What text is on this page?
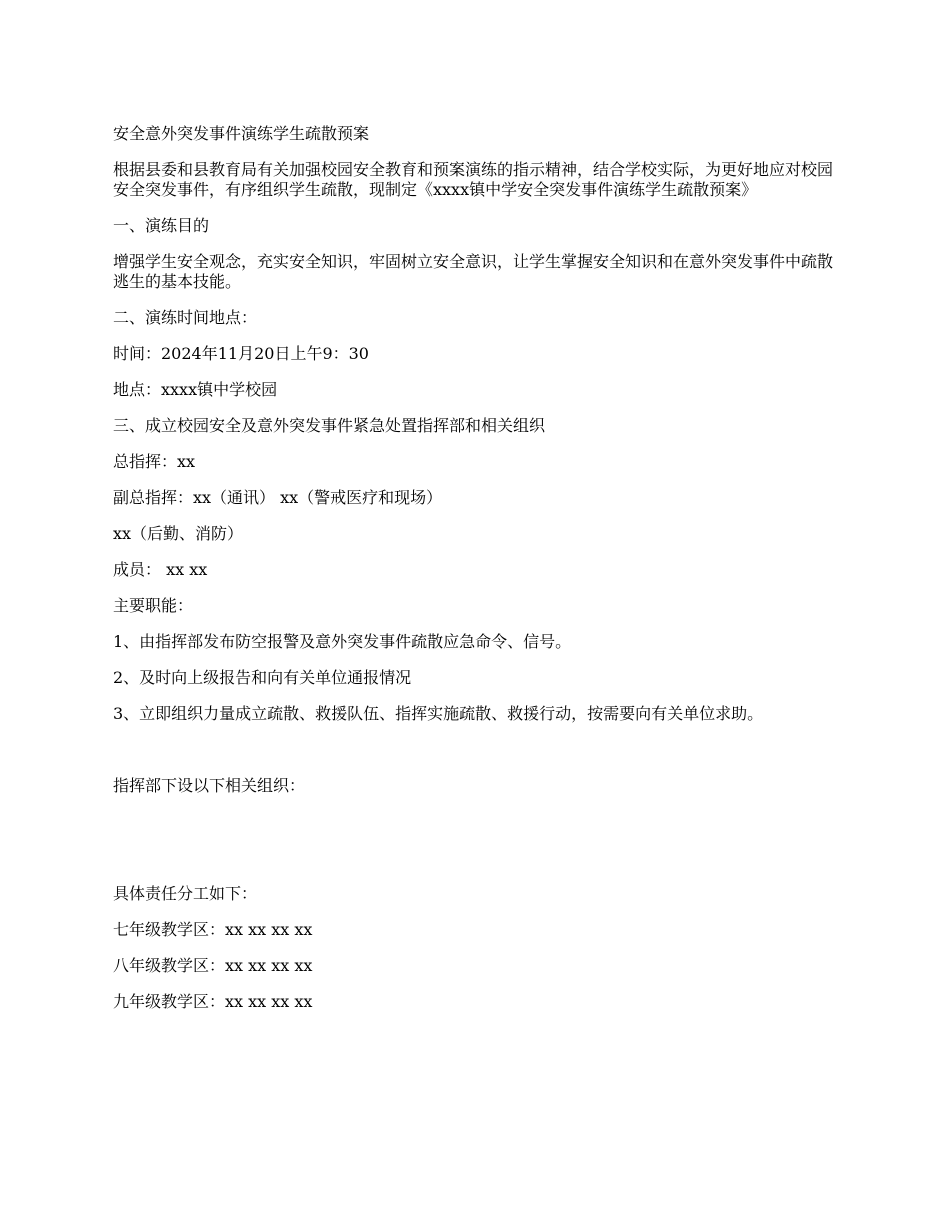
安全意外突发事件演练学生疏散预案

根据县委和县教育局有关加强校园安全教育和预案演练的指示精神，结合学校实际，为更好地应对校园安全突发事件，有序组织学生疏散，现制定《xxxx镇中学安全突发事件演练学生疏散预案》

一、演练目的

增强学生安全观念，充实安全知识，牢固树立安全意识，让学生掌握安全知识和在意外突发事件中疏散逃生的基本技能。

二、演练时间地点：

时间：2024年11月20日上午9：30

地点：xxxx镇中学校园

三、成立校园安全及意外突发事件紧急处置指挥部和相关组织

总指挥：xx

副总指挥：xx（通讯） xx（警戒医疗和现场）

xx（后勤、消防）

成员： xx xx

主要职能：

1、由指挥部发布防空报警及意外突发事件疏散应急命令、信号。

2、及时向上级报告和向有关单位通报情况

3、立即组织力量成立疏散、救援队伍、指挥实施疏散、救援行动，按需要向有关单位求助。

指挥部下设以下相关组织：

具体责任分工如下：

七年级教学区：xx xx xx xx

八年级教学区：xx xx xx xx

九年级教学区：xx xx xx xx
